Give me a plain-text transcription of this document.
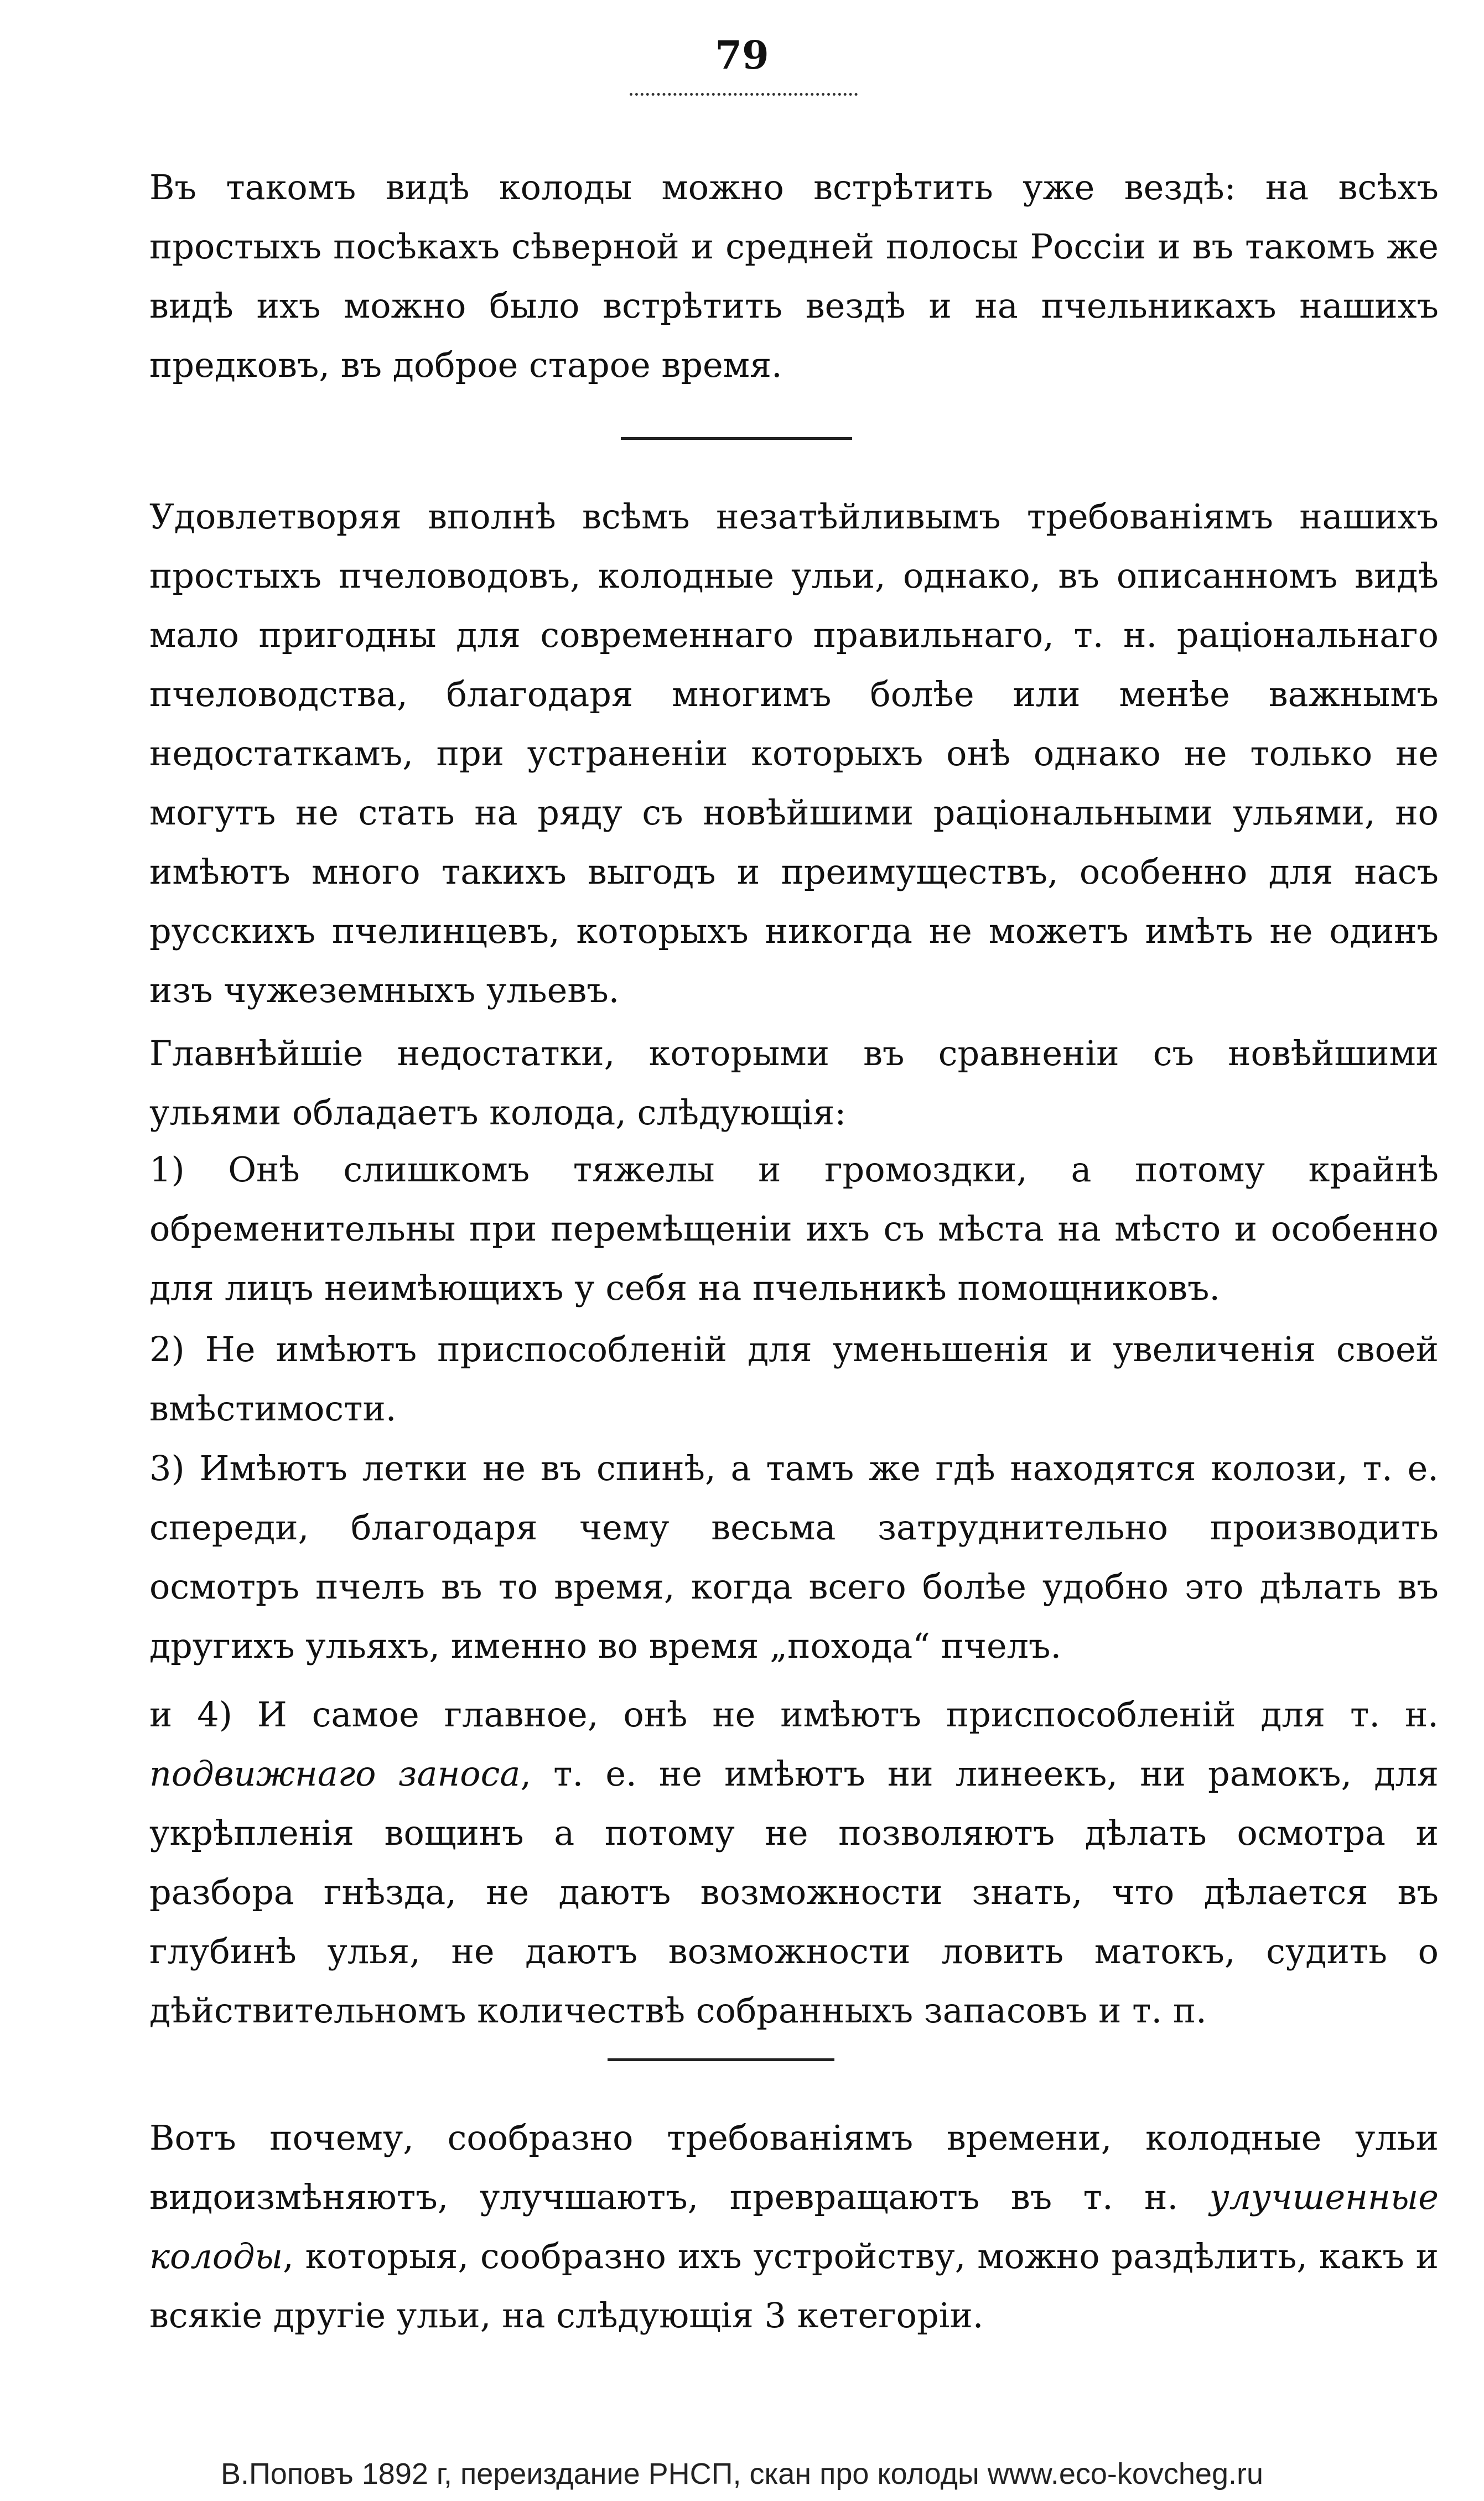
79

Въ такомъ видѣ колоды можно встрѣтить уже вездѣ: на всѣхъ простыхъ посѣкахъ сѣверной и средней полосы Россіи и въ такомъ же видѣ ихъ можно было встрѣтить вездѣ и на пчельникахъ нашихъ предковъ, въ доброе старое время.

Удовлетворяя вполнѣ всѣмъ незатѣйливымъ требованіямъ нашихъ простыхъ пчеловодовъ, колодные ульи, однако, въ описанномъ видѣ мало пригодны для современнаго правильнаго, т. н. раціональнаго пчеловодства, благодаря многимъ болѣе или менѣе важнымъ недостаткамъ, при устраненіи которыхъ онѣ однако не только не могутъ не стать на ряду съ новѣйшими раціональными ульями, но имѣютъ много такихъ выгодъ и преимуществъ, особенно для насъ русскихъ пчелинцевъ, которыхъ никогда не можетъ имѣть не одинъ изъ чужеземныхъ ульевъ.

Главнѣйшіе недостатки, которыми въ сравненіи съ новѣйшими ульями обладаетъ колода, слѣдующія:

1) Онѣ слишкомъ тяжелы и громоздки, а потому крайнѣ обременительны при перемѣщеніи ихъ съ мѣста на мѣсто и особенно для лицъ неимѣющихъ у себя на пчельникѣ помощниковъ.

2) Не имѣютъ приспособленій для уменьшенія и увеличенія своей вмѣстимости.

3) Имѣютъ летки не въ спинѣ, а тамъ же гдѣ находятся колози, т. е. спереди, благодаря чему весьма затруднительно производить осмотръ пчелъ въ то время, когда всего болѣе удобно это дѣлать въ другихъ ульяхъ, именно во время „похода“ пчелъ.

и 4) И самое главное, онѣ не имѣютъ приспособленій для т. н. подвижнаго заноса, т. е. не имѣютъ ни линеекъ, ни рамокъ, для укрѣпленія вощинъ а потому не позволяютъ дѣлать осмотра и разбора гнѣзда, не даютъ возможности знать, что дѣлается въ глубинѣ улья, не даютъ возможности ловить матокъ, судить о дѣйствительномъ количествѣ собранныхъ запасовъ и т. п.

Вотъ почему, сообразно требованіямъ времени, колодные ульи видоизмѣняютъ, улучшаютъ, превращаютъ въ т. н. улучшенные колоды, которыя, сообразно ихъ устройству, можно раздѣлить, какъ и всякіе другіе ульи, на слѣдующія 3 кетегоріи.

В.Поповъ 1892 г, переиздание РНСП, скан про колоды www.eco-kovcheg.ru
